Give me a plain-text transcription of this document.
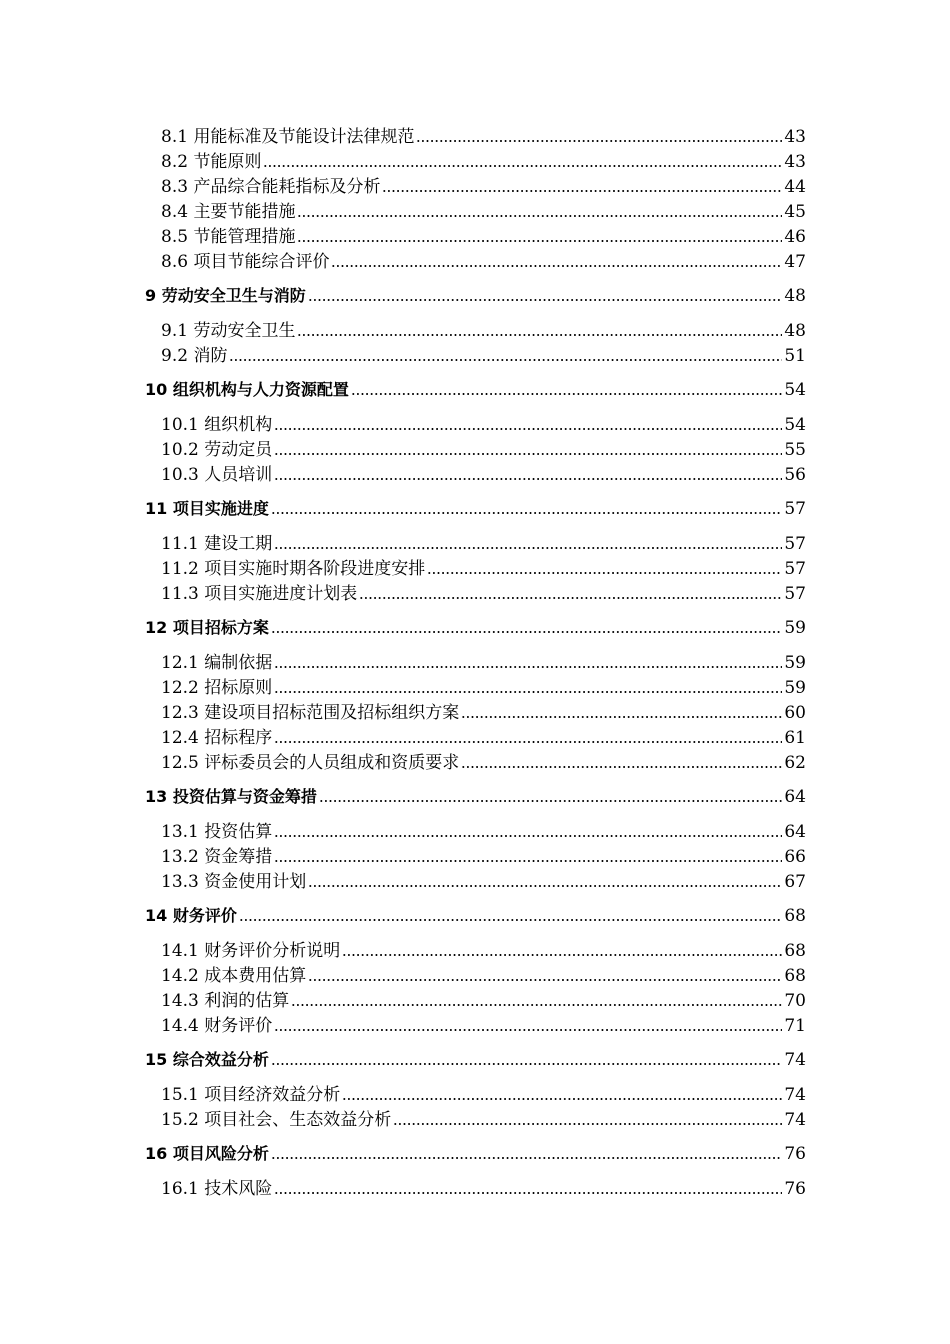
8.1 用能标准及节能设计法律规范	43
8.2 节能原则	43
8.3 产品综合能耗指标及分析	44
8.4 主要节能措施	45
8.5 节能管理措施	46
8.6 项目节能综合评价	47
9 劳动安全卫生与消防	48
9.1 劳动安全卫生	48
9.2 消防	51
10 组织机构与人力资源配置	54
10.1 组织机构	54
10.2 劳动定员	55
10.3 人员培训	56
11 项目实施进度	57
11.1 建设工期	57
11.2 项目实施时期各阶段进度安排	57
11.3 项目实施进度计划表	57
12 项目招标方案	59
12.1 编制依据	59
12.2 招标原则	59
12.3 建设项目招标范围及招标组织方案	60
12.4 招标程序	61
12.5 评标委员会的人员组成和资质要求	62
13 投资估算与资金筹措	64
13.1 投资估算	64
13.2 资金筹措	66
13.3 资金使用计划	67
14 财务评价	68
14.1 财务评价分析说明	68
14.2 成本费用估算	68
14.3 利润的估算	70
14.4 财务评价	71
15 综合效益分析	74
15.1 项目经济效益分析	74
15.2 项目社会、生态效益分析	74
16 项目风险分析	76
16.1 技术风险	76
